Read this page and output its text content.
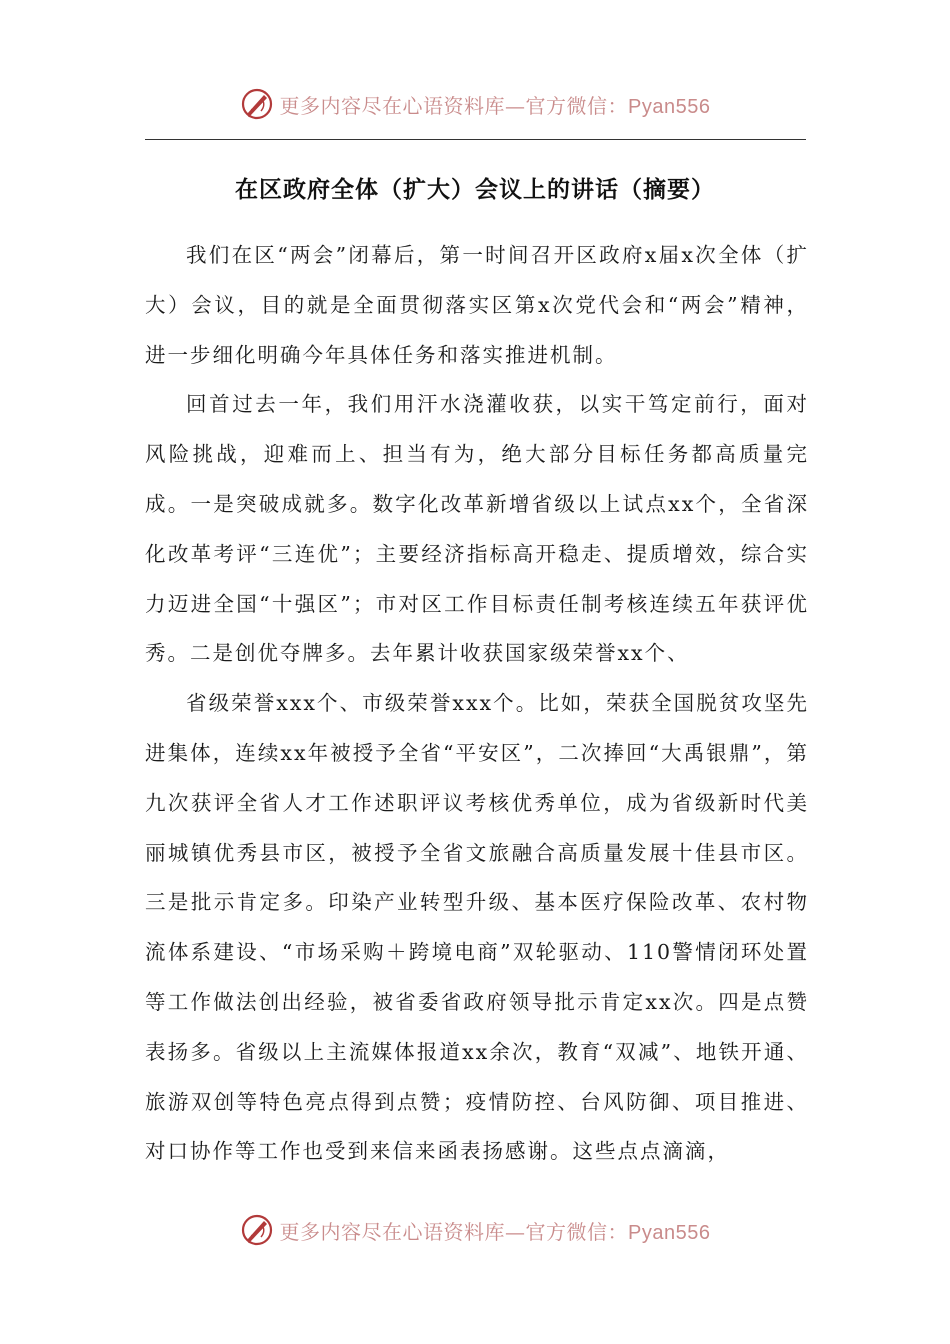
更多内容尽在心语资料库—官方微信：Pyan556
在区政府全体（扩大）会议上的讲话（摘要）

我们在区“两会”闭幕后，第一时间召开区政府x届x次全体（扩大）会议，目的就是全面贯彻落实区第x次党代会和“两会”精神，进一步细化明确今年具体任务和落实推进机制。

回首过去一年，我们用汗水浇灌收获，以实干笃定前行，面对风险挑战，迎难而上、担当有为，绝大部分目标任务都高质量完成。一是突破成就多。数字化改革新增省级以上试点xx个，全省深化改革考评“三连优”；主要经济指标高开稳走、提质增效，综合实力迈进全国“十强区”；市对区工作目标责任制考核连续五年获评优秀。二是创优夺牌多。去年累计收获国家级荣誉xx个、

省级荣誉xxx个、市级荣誉xxx个。比如，荣获全国脱贫攻坚先进集体，连续xx年被授予全省“平安区”，二次捧回“大禹银鼎”，第九次获评全省人才工作述职评议考核优秀单位，成为省级新时代美丽城镇优秀县市区，被授予全省文旅融合高质量发展十佳县市区。三是批示肯定多。印染产业转型升级、基本医疗保险改革、农村物流体系建设、“市场采购＋跨境电商”双轮驱动、110警情闭环处置等工作做法创出经验，被省委省政府领导批示肯定xx次。四是点赞表扬多。省级以上主流媒体报道xx余次，教育“双减”、地铁开通、旅游双创等特色亮点得到点赞；疫情防控、台风防御、项目推进、对口协作等工作也受到来信来函表扬感谢。这些点点滴滴，

更多内容尽在心语资料库—官方微信：Pyan556
